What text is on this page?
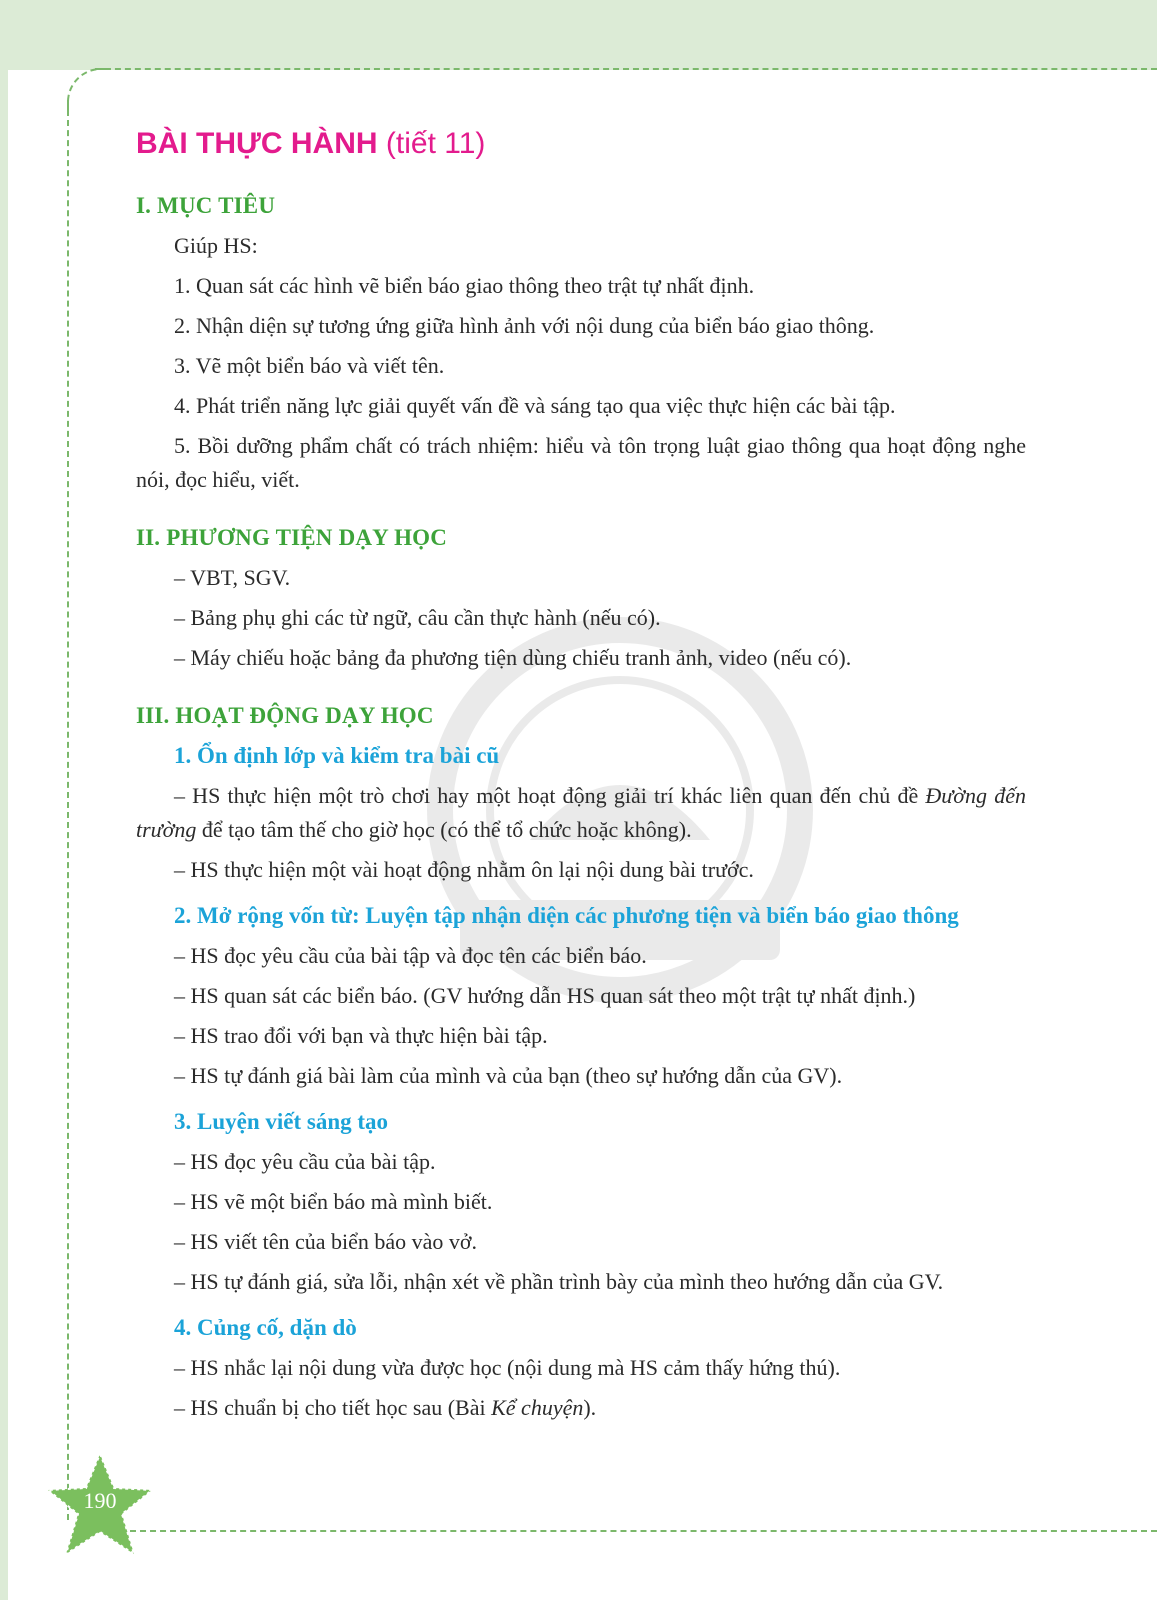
BÀI THỰC HÀNH (tiết 11)
I. MỤC TIÊU

Giúp HS:

1. Quan sát các hình vẽ biển báo giao thông theo trật tự nhất định.

2. Nhận diện sự tương ứng giữa hình ảnh với nội dung của biển báo giao thông.

3. Vẽ một biển báo và viết tên.

4. Phát triển năng lực giải quyết vấn đề và sáng tạo qua việc thực hiện các bài tập.

5. Bồi dưỡng phẩm chất có trách nhiệm: hiểu và tôn trọng luật giao thông qua hoạt động nghe nói, đọc hiểu, viết.

II. PHƯƠNG TIỆN DẠY HỌC

– VBT, SGV.

– Bảng phụ ghi các từ ngữ, câu cần thực hành (nếu có).

– Máy chiếu hoặc bảng đa phương tiện dùng chiếu tranh ảnh, video (nếu có).

III. HOẠT ĐỘNG DẠY HỌC
1. Ổn định lớp và kiểm tra bài cũ

– HS thực hiện một trò chơi hay một hoạt động giải trí khác liên quan đến chủ đề Đường đến trường để tạo tâm thế cho giờ học (có thể tổ chức hoặc không).

– HS thực hiện một vài hoạt động nhằm ôn lại nội dung bài trước.

2. Mở rộng vốn từ: Luyện tập nhận diện các phương tiện và biển báo giao thông

– HS đọc yêu cầu của bài tập và đọc tên các biển báo.

– HS quan sát các biển báo. (GV hướng dẫn HS quan sát theo một trật tự nhất định.)

– HS trao đổi với bạn và thực hiện bài tập.

– HS tự đánh giá bài làm của mình và của bạn (theo sự hướng dẫn của GV).

3. Luyện viết sáng tạo

– HS đọc yêu cầu của bài tập.

– HS vẽ một biển báo mà mình biết.

– HS viết tên của biển báo vào vở.

– HS tự đánh giá, sửa lỗi, nhận xét về phần trình bày của mình theo hướng dẫn của GV.

4. Củng cố, dặn dò

– HS nhắc lại nội dung vừa được học (nội dung mà HS cảm thấy hứng thú).

– HS chuẩn bị cho tiết học sau (Bài Kể chuyện).

190
